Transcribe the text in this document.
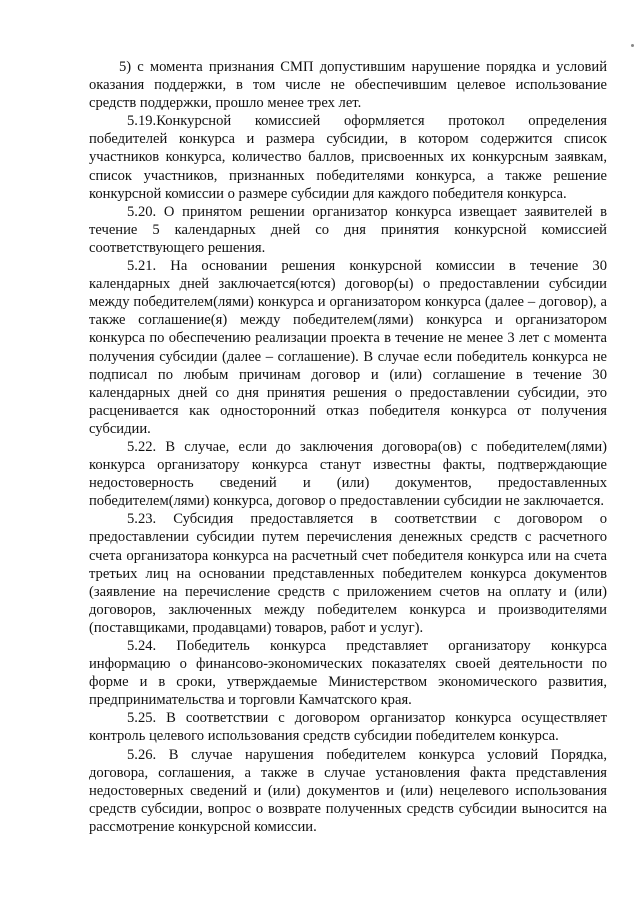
5) с момента признания СМП допустившим нарушение порядка и условий оказания поддержки, в том числе не обеспечившим целевое использование средств поддержки, прошло менее трех лет.

5.19.Конкурсной комиссией оформляется протокол определения победителей конкурса и размера субсидии, в котором содержится список участников конкурса, количество баллов, присвоенных их конкурсным заявкам, список участников, признанных победителями конкурса, а также решение конкурсной комиссии о размере субсидии для каждого победителя конкурса.

5.20. О принятом решении организатор конкурса извещает заявителей в течение 5 календарных дней со дня принятия конкурсной комиссией соответствующего решения.

5.21. На основании решения конкурсной комиссии в течение 30 календарных дней заключается(ются) договор(ы) о предоставлении субсидии между победителем(лями) конкурса и организатором конкурса (далее – договор), а также соглашение(я) между победителем(лями) конкурса и организатором конкурса по обеспечению реализации проекта в течение не менее 3 лет с момента получения субсидии (далее – соглашение). В случае если победитель конкурса не подписал по любым причинам договор и (или) соглашение в течение 30 календарных дней со дня принятия решения о предоставлении субсидии, это расценивается как односторонний отказ победителя конкурса от получения субсидии.

5.22. В случае, если до заключения договора(ов) с победителем(лями) конкурса организатору конкурса станут известны факты, подтверждающие недостоверность сведений и (или) документов, предоставленных победителем(лями) конкурса, договор о предоставлении субсидии не заключается.

5.23. Субсидия предоставляется в соответствии с договором о предоставлении субсидии путем перечисления денежных средств с расчетного счета организатора конкурса на расчетный счет победителя конкурса или на счета третьих лиц на основании представленных победителем конкурса документов (заявление на перечисление средств с приложением счетов на оплату и (или) договоров, заключенных между победителем конкурса и производителями (поставщиками, продавцами) товаров, работ и услуг).

5.24. Победитель конкурса представляет организатору конкурса информацию о финансово-экономических показателях своей деятельности по форме и в сроки, утверждаемые Министерством экономического развития, предпринимательства и торговли Камчатского края.

5.25. В соответствии с договором организатор конкурса осуществляет контроль целевого использования средств субсидии победителем конкурса.

5.26. В случае нарушения победителем конкурса условий Порядка, договора, соглашения, а также в случае установления факта представления недостоверных сведений и (или) документов и (или) нецелевого использования средств субсидии, вопрос о возврате полученных средств субсидии выносится на рассмотрение конкурсной комиссии.
